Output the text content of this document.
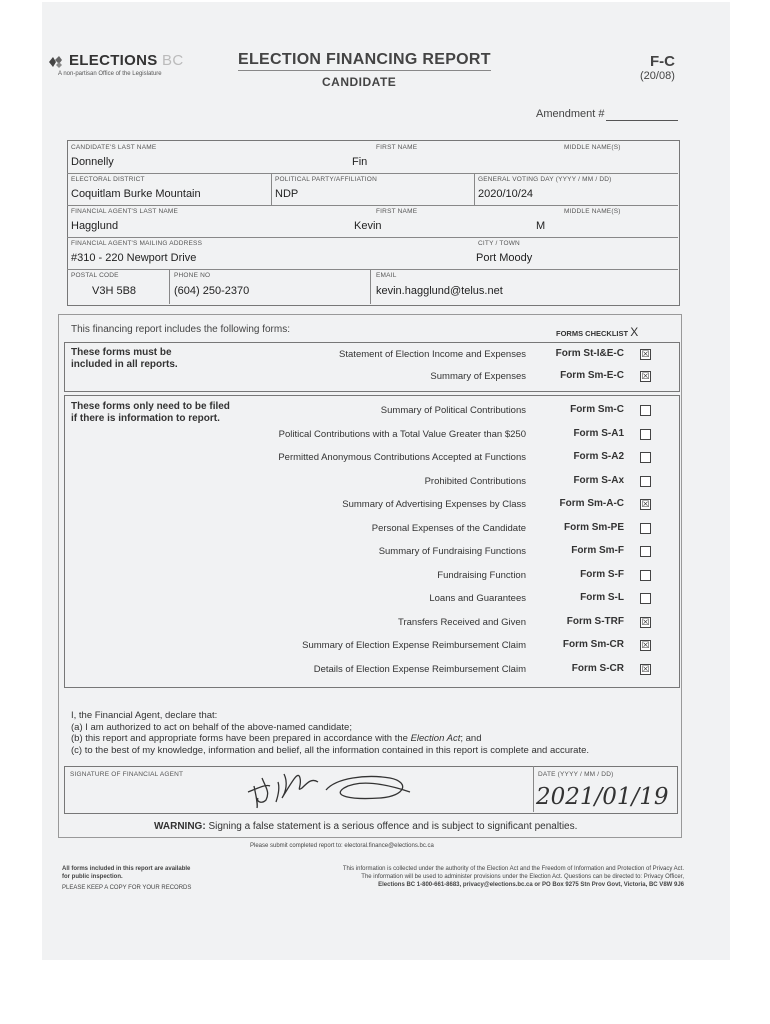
ELECTIONS BC
A non-partisan Office of the Legislature
ELECTION FINANCING REPORT
CANDIDATE
F-C
(20/08)
Amendment #
CANDIDATE'S LAST NAME
Donnelly
FIRST NAME
Fin
MIDDLE NAME(S)
ELECTORAL DISTRICT
Coquitlam Burke Mountain
POLITICAL PARTY/AFFILIATION
NDP
GENERAL VOTING DAY (YYYY / MM / DD)
2020/10/24
FINANCIAL AGENT'S LAST NAME
Hagglund
FIRST NAME
Kevin
MIDDLE NAME(S)
M
FINANCIAL AGENT'S MAILING ADDRESS
#310 - 220 Newport Drive
CITY / TOWN
Port Moody
POSTAL CODE
V3H 5B8
PHONE NO
(604) 250-2370
EMAIL
kevin.hagglund@telus.net
This financing report includes the following forms:	FORMS CHECKLIST X
These forms must be
included in all reports.
Statement of Election Income and Expenses	Form St-I&E-C ☒
Summary of Expenses	Form Sm-E-C ☒
These forms only need to be filed
if there is information to report.
Summary of Political Contributions	Form Sm-C
Political Contributions with a Total Value Greater than $250	Form S-A1
Permitted Anonymous Contributions Accepted at Functions	Form S-A2
Prohibited Contributions	Form S-Ax
Summary of Advertising Expenses by Class	Form Sm-A-C ☒
Personal Expenses of the Candidate	Form Sm-PE
Summary of Fundraising Functions	Form Sm-F
Fundraising Function	Form S-F
Loans and Guarantees	Form S-L
Transfers Received and Given	Form S-TRF ☒
Summary of Election Expense Reimbursement Claim	Form Sm-CR ☒
Details of Election Expense Reimbursement Claim	Form S-CR ☒
I, the Financial Agent, declare that:
(a) I am authorized to act on behalf of the above-named candidate;
(b) this report and appropriate forms have been prepared in accordance with the Election Act; and
(c) to the best of my knowledge, information and belief, all the information contained in this report is complete and accurate.
SIGNATURE OF FINANCIAL AGENT	DATE (YYYY / MM / DD)
2021/01/19
WARNING: Signing a false statement is a serious offence and is subject to significant penalties.
Please submit completed report to: electoral.finance@elections.bc.ca
All forms included in this report are available
for public inspection.
PLEASE KEEP A COPY FOR YOUR RECORDS
This information is collected under the authority of the Election Act and the Freedom of Information and Protection of Privacy Act.
The information will be used to administer provisions under the Election Act. Questions can be directed to: Privacy Officer,
Elections BC 1-800-661-8683, privacy@elections.bc.ca or PO Box 9275 Stn Prov Govt, Victoria, BC V8W 9J6
